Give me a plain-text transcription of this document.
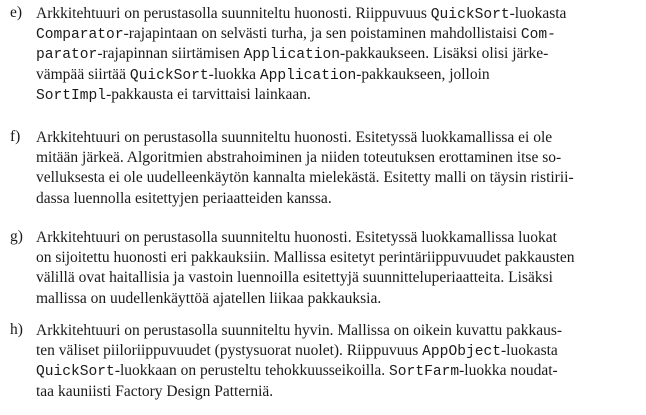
e) Arkkitehtuuri on perustasolla suunniteltu huonosti. Riippuvuus QuickSort-luokasta
Comparator-rajapintaan on selvästi turha, ja sen poistaminen mahdollistaisi Com-
parator-rajapinnan siirtämisen Application-pakkaukseen. Lisäksi olisi järke-
vämpää siirtää QuickSort-luokka Application-pakkaukseen, jolloin
SortImpl-pakkausta ei tarvittaisi lainkaan.
f) Arkkitehtuuri on perustasolla suunniteltu huonosti. Esitetyssä luokkamallissa ei ole
mitään järkeä. Algoritmien abstrahoiminen ja niiden toteutuksen erottaminen itse so-
velluksesta ei ole uudelleenkäytön kannalta mielekästä. Esitetty malli on täysin ristirii-
dassa luennolla esitettyjen periaatteiden kanssa.
g) Arkkitehtuuri on perustasolla suunniteltu huonosti. Esitetyssä luokkamallissa luokat
on sijoitettu huonosti eri pakkauksiin. Mallissa esitetyt perintäriippuvuudet pakkausten
välillä ovat haitallisia ja vastoin luennoilla esitettyjä suunnitteluperiaatteita. Lisäksi
mallissa on uudellenkäyttöä ajatellen liikaa pakkauksia.
h) Arkkitehtuuri on perustasolla suunniteltu hyvin. Mallissa on oikein kuvattu pakkaus-
ten väliset piiloriippuvuudet (pystysuorat nuolet). Riippuvuus AppObject-luokasta
QuickSort-luokkaan on perusteltu tehokkuusseikoilla. SortFarm-luokka noudat-
taa kauniisti Factory Design Patterniä.
